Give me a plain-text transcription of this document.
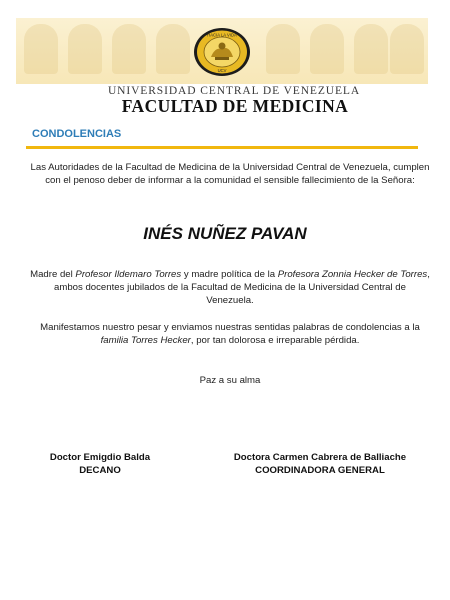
HACIA LA VIDA
UCV
UNIVERSIDAD CENTRAL DE VENEZUELA
FACULTAD DE MEDICINA
CONDOLENCIAS
Las Autoridades de la Facultad de Medicina de la Universidad Central de Venezuela, cumplen con el penoso deber de informar a la comunidad el sensible fallecimiento de la Señora:
INÉS NUÑEZ PAVAN
Madre del Profesor Ildemaro Torres y madre política de la Profesora Zonnia Hecker de Torres, ambos docentes jubilados de la Facultad de Medicina de la Universidad Central de Venezuela.
Manifestamos nuestro pesar y enviamos nuestras sentidas palabras de condolencias a la familia Torres Hecker, por tan dolorosa e irreparable pérdida.
Paz a su alma
Doctor Emigdio Balda
DECANO
Doctora Carmen Cabrera de Balliache
COORDINADORA GENERAL
